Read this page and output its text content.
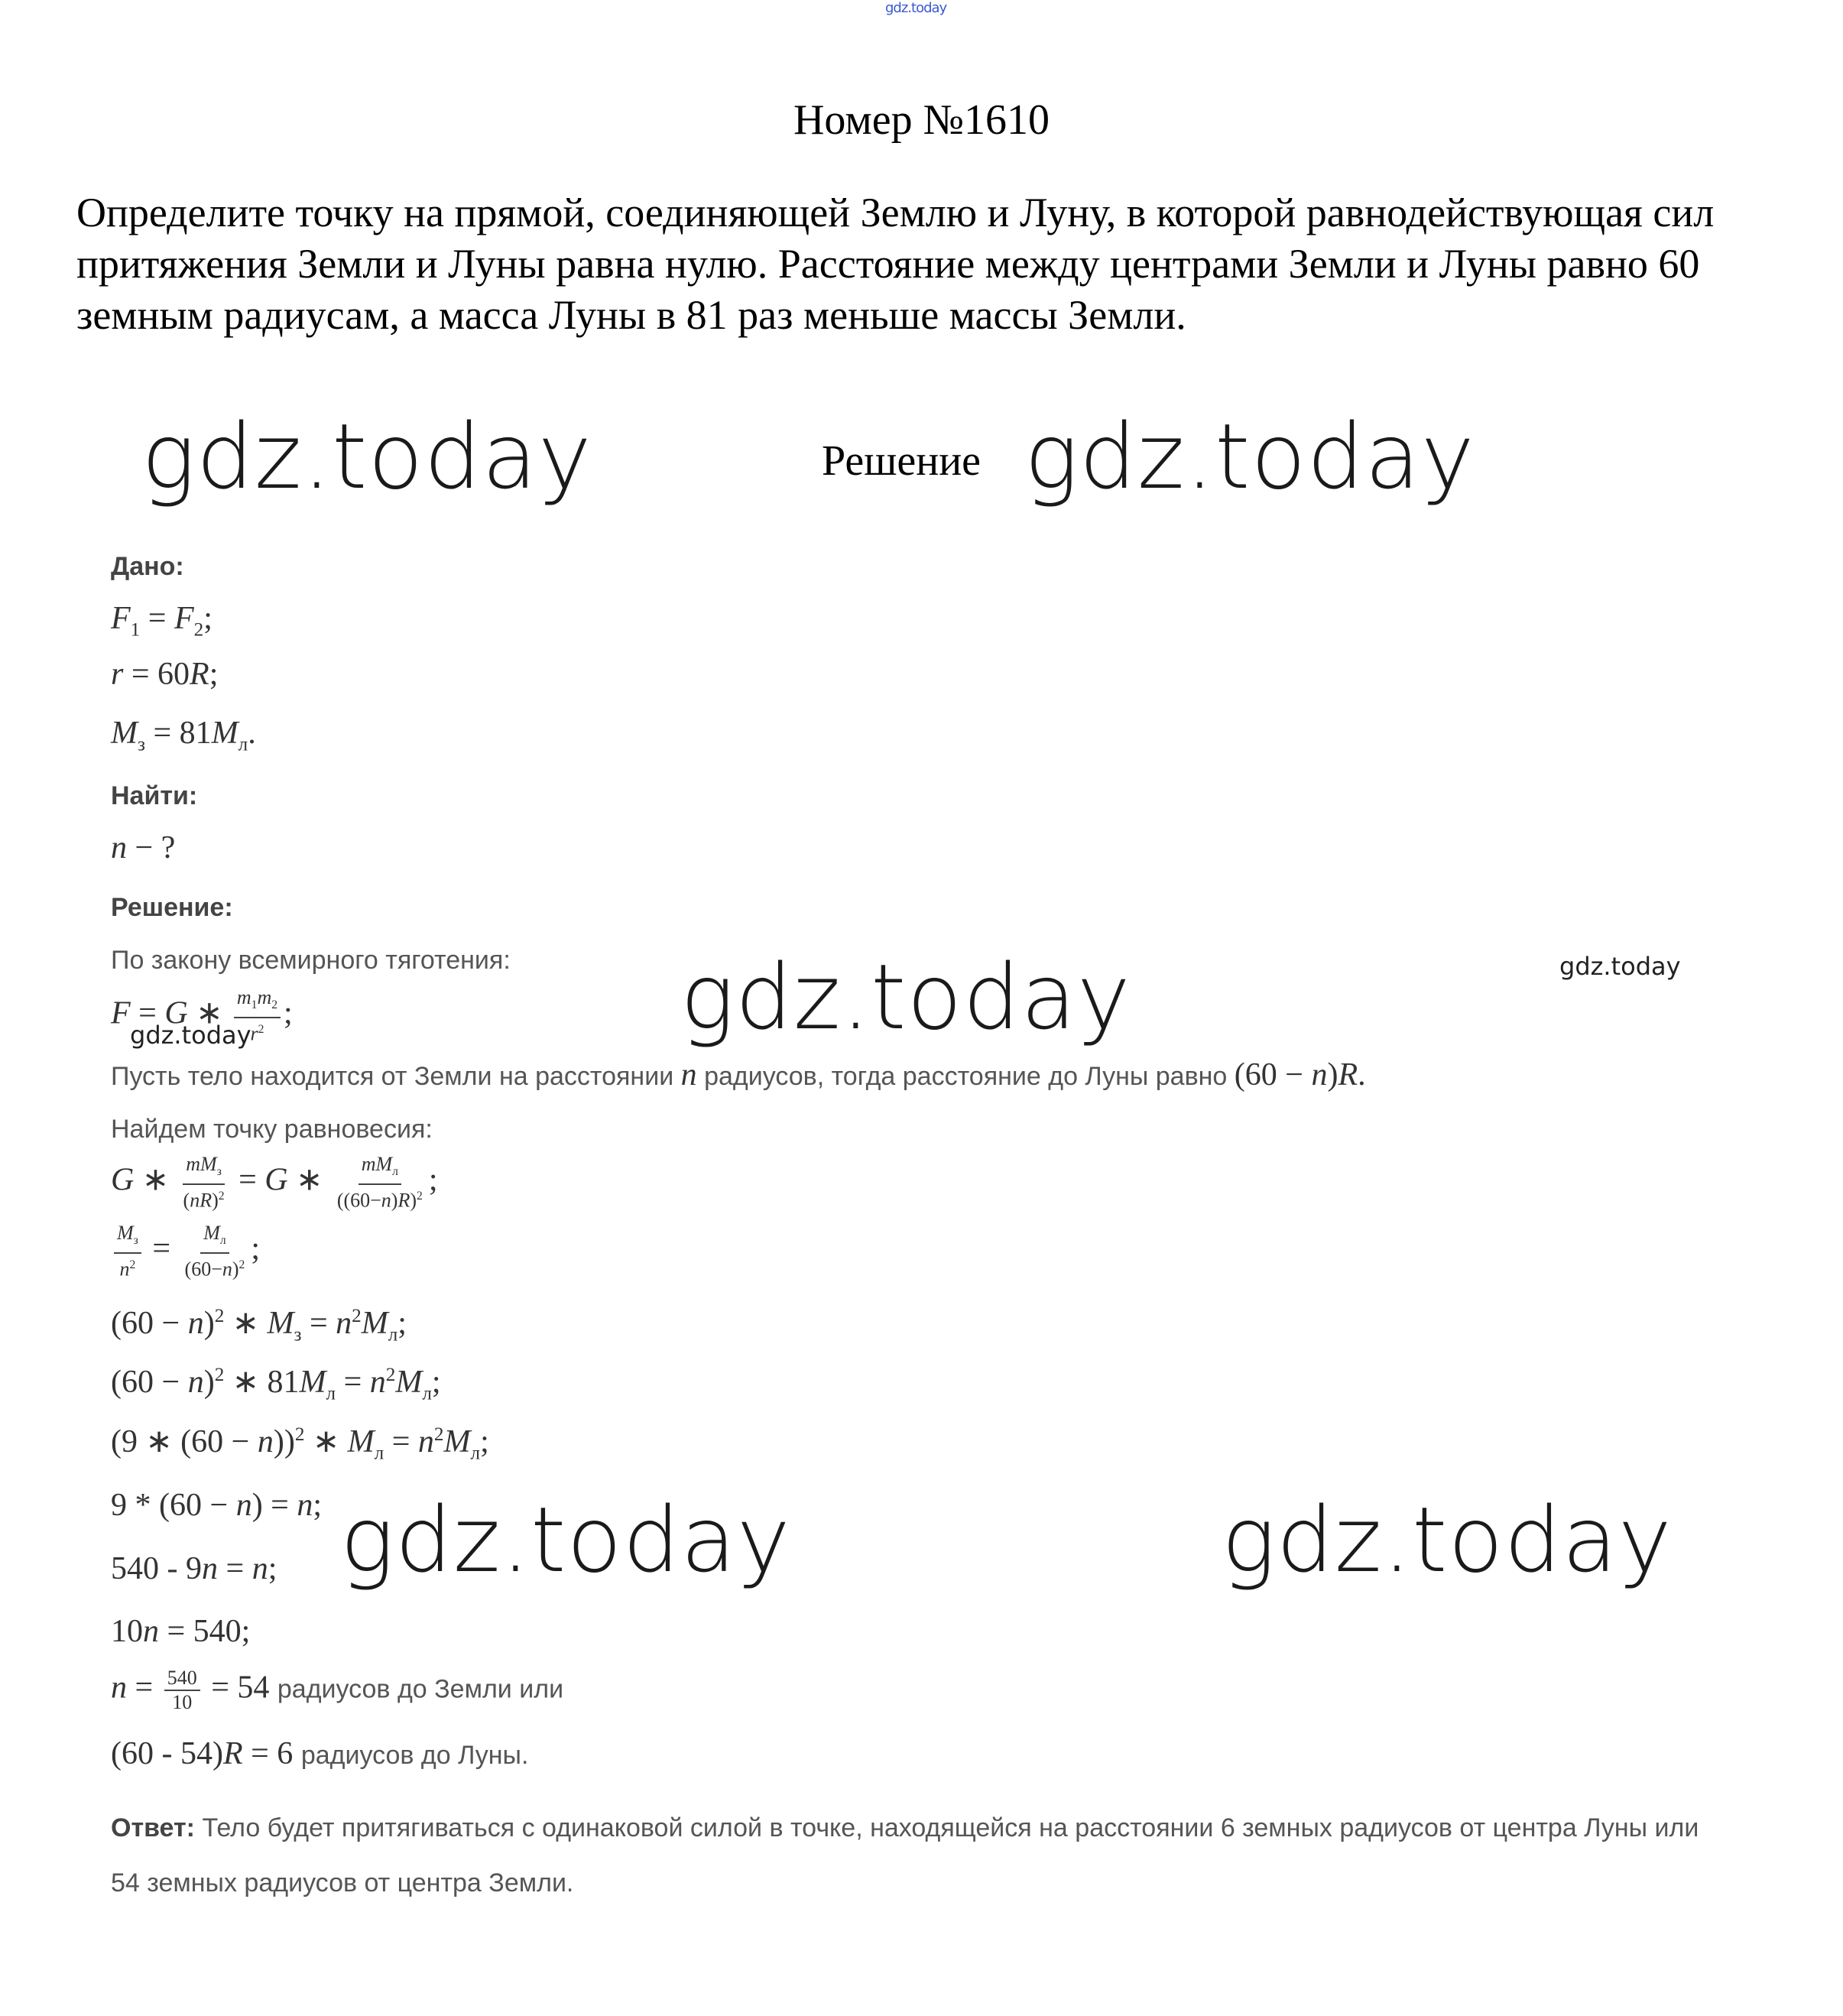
gdz.today
Номер №1610
Определите точку на прямой, соединяющей Землю и Луну, в которой равнодействующая сил притяжения Земли и Луны равна нулю. Расстояние между центрами Земли и Луны равно 60 земным радиусам, а масса Луны в 81 раз меньше массы Земли.
gdz.today	Решение gdz.today
Дано:
$F_1 = F_2$;
r = 60R;
$M_з = 81M_л$.
Найти:
n − ?
Решение:
По закону всемирного тяготения:
F = G ∗ $\frac{m_1m_2}{r^2}$ ;
gdz.today	gdz.today	gdz.today
Пусть тело находится от Земли на расстоянии n радиусов, тогда расстояние до Луны равно (60 − n)R.
Найдем точку равновесия:
G ∗ $\frac{mM_з}{(nR)^2} = G$ ∗ $\frac{mM_л}{((60-n)R)^2}$ ;
$\frac{M_з}{n^2} = \frac{M_л}{(60-n)^2}$ ;
$(60 - n)^2$ ∗ $M_з = n^2M_л$;
$(60 - n)^2$ ∗ $81M_л = n^2M_л$;
(9 ∗ (60 − n))$^2$ ∗ $M_л = n^2M_л$;
9 * (60 − n) = n; gdz.today	gdz.today
540 - 9n = n;
10n = 540;
$n = \frac{540}{10} = 54$ радиусов до Земли или
(60 - 54)R = 6 радиусов до Луны.
Ответ: Тело будет притягиваться с одинаковой силой в точке, находящейся на расстоянии 6 земных радиусов от центра Луны или 54 земных радиусов от центра Земли.
